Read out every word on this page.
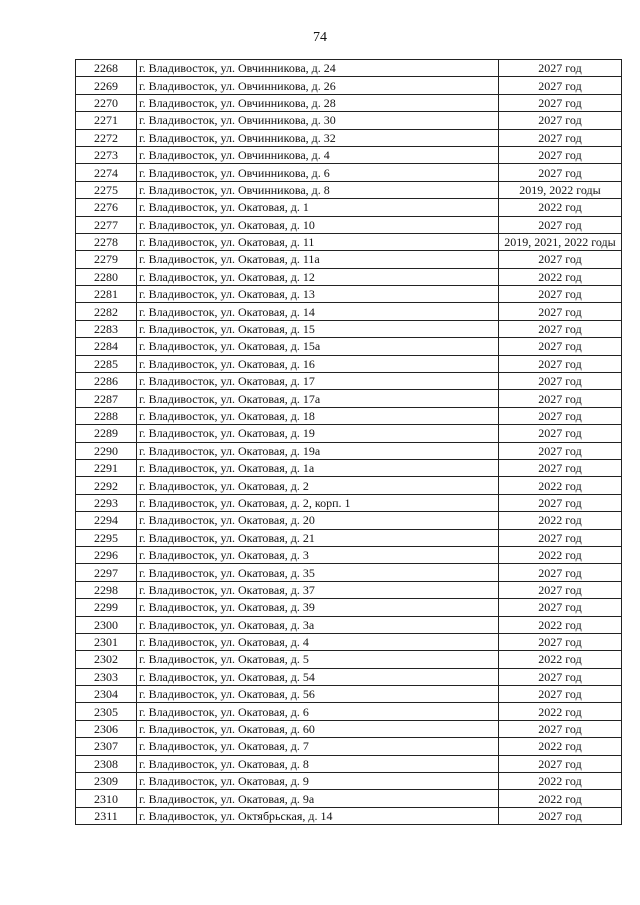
74
2268	г. Владивосток, ул. Овчинникова, д. 24	2027 год
2269	г. Владивосток, ул. Овчинникова, д. 26	2027 год
2270	г. Владивосток, ул. Овчинникова, д. 28	2027 год
2271	г. Владивосток, ул. Овчинникова, д. 30	2027 год
2272	г. Владивосток, ул. Овчинникова, д. 32	2027 год
2273	г. Владивосток, ул. Овчинникова, д. 4	2027 год
2274	г. Владивосток, ул. Овчинникова, д. 6	2027 год
2275	г. Владивосток, ул. Овчинникова, д. 8	2019, 2022 годы
2276	г. Владивосток, ул. Окатовая, д. 1	2022 год
2277	г. Владивосток, ул. Окатовая, д. 10	2027 год
2278	г. Владивосток, ул. Окатовая, д. 11	2019, 2021, 2022 годы
2279	г. Владивосток, ул. Окатовая, д. 11а	2027 год
2280	г. Владивосток, ул. Окатовая, д. 12	2022 год
2281	г. Владивосток, ул. Окатовая, д. 13	2027 год
2282	г. Владивосток, ул. Окатовая, д. 14	2027 год
2283	г. Владивосток, ул. Окатовая, д. 15	2027 год
2284	г. Владивосток, ул. Окатовая, д. 15а	2027 год
2285	г. Владивосток, ул. Окатовая, д. 16	2027 год
2286	г. Владивосток, ул. Окатовая, д. 17	2027 год
2287	г. Владивосток, ул. Окатовая, д. 17а	2027 год
2288	г. Владивосток, ул. Окатовая, д. 18	2027 год
2289	г. Владивосток, ул. Окатовая, д. 19	2027 год
2290	г. Владивосток, ул. Окатовая, д. 19а	2027 год
2291	г. Владивосток, ул. Окатовая, д. 1а	2027 год
2292	г. Владивосток, ул. Окатовая, д. 2	2022 год
2293	г. Владивосток, ул. Окатовая, д. 2, корп. 1	2027 год
2294	г. Владивосток, ул. Окатовая, д. 20	2022 год
2295	г. Владивосток, ул. Окатовая, д. 21	2027 год
2296	г. Владивосток, ул. Окатовая, д. 3	2022 год
2297	г. Владивосток, ул. Окатовая, д. 35	2027 год
2298	г. Владивосток, ул. Окатовая, д. 37	2027 год
2299	г. Владивосток, ул. Окатовая, д. 39	2027 год
2300	г. Владивосток, ул. Окатовая, д. 3а	2022 год
2301	г. Владивосток, ул. Окатовая, д. 4	2027 год
2302	г. Владивосток, ул. Окатовая, д. 5	2022 год
2303	г. Владивосток, ул. Окатовая, д. 54	2027 год
2304	г. Владивосток, ул. Окатовая, д. 56	2027 год
2305	г. Владивосток, ул. Окатовая, д. 6	2022 год
2306	г. Владивосток, ул. Окатовая, д. 60	2027 год
2307	г. Владивосток, ул. Окатовая, д. 7	2022 год
2308	г. Владивосток, ул. Окатовая, д. 8	2027 год
2309	г. Владивосток, ул. Окатовая, д. 9	2022 год
2310	г. Владивосток, ул. Окатовая, д. 9а	2022 год
2311	г. Владивосток, ул. Октябрьская, д. 14	2027 год
